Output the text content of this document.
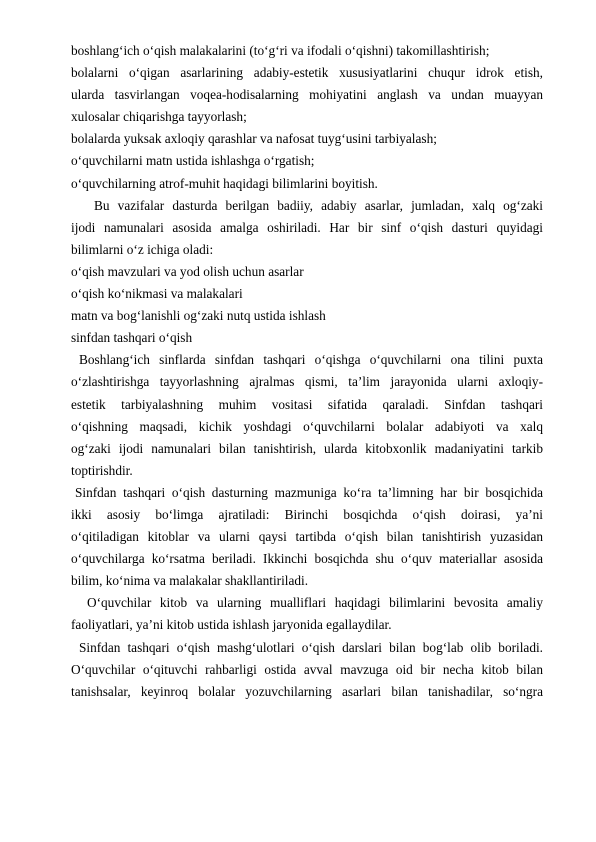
boshlang‘ich o‘qish malakalarini (to‘g‘ri va ifodali o‘qishni) takomillashtirish;
bolalarni o‘qigan asarlarining adabiy-estetik xususiyatlarini chuqur idrok etish,
ularda tasvirlangan voqea-hodisalarning mohiyatini anglash va undan muayyan
xulosalar chiqarishga tayyorlash;
bolalarda yuksak axloqiy qarashlar va nafosat tuyg‘usini tarbiyalash;
o‘quvchilarni matn ustida ishlashga o‘rgatish;
o‘quvchilarning atrof-muhit haqidagi bilimlarini boyitish.
Bu vazifalar dasturda berilgan badiiy, adabiy asarlar, jumladan, xalq og‘zaki
ijodi namunalari asosida amalga oshiriladi. Har bir sinf o‘qish dasturi quyidagi
bilimlarni o‘z ichiga oladi:
o‘qish mavzulari va yod olish uchun asarlar
o‘qish ko‘nikmasi va malakalari
matn va bog‘lanishli og‘zaki nutq ustida ishlash
sinfdan tashqari o‘qish
Boshlang‘ich sinflarda sinfdan tashqari o‘qishga o‘quvchilarni ona tilini puxta
o‘zlashtirishga tayyorlashning ajralmas qismi, ta’lim jarayonida ularni axloqiy-
estetik tarbiyalashning muhim vositasi sifatida qaraladi. Sinfdan tashqari
o‘qishning maqsadi, kichik yoshdagi o‘quvchilarni bolalar adabiyoti va xalq
og‘zaki ijodi namunalari bilan tanishtirish, ularda kitobxonlik madaniyatini tarkib
toptirishdir.
Sinfdan tashqari o‘qish dasturning mazmuniga ko‘ra ta’limning har bir bosqichida
ikki asosiy bo‘limga ajratiladi: Birinchi bosqichda o‘qish doirasi, ya’ni
o‘qitiladigan kitoblar va ularni qaysi tartibda o‘qish bilan tanishtirish yuzasidan
o‘quvchilarga ko‘rsatma beriladi. Ikkinchi bosqichda shu o‘quv materiallar asosida
bilim, ko‘nima va malakalar shakllantiriladi.
O‘quvchilar kitob va ularning mualliflari haqidagi bilimlarini bevosita amaliy
faoliyatlari, ya’ni kitob ustida ishlash jaryonida egallaydilar.
Sinfdan tashqari o‘qish mashg‘ulotlari o‘qish darslari bilan bog‘lab olib boriladi.
O‘quvchilar o‘qituvchi rahbarligi ostida avval mavzuga oid bir necha kitob bilan
tanishsalar, keyinroq bolalar yozuvchilarning asarlari bilan tanishadilar, so‘ngra
